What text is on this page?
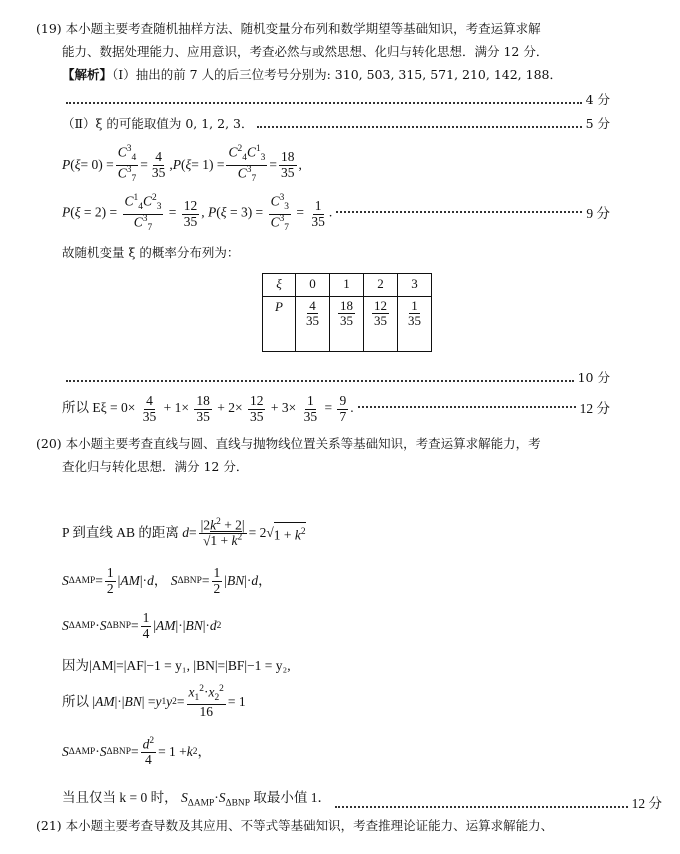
(19) 本小题主要考查随机抽样方法、随机变量分布列和数学期望等基础知识，考查运算求解
能力、数据处理能力、应用意识，考查必然与或然思想、化归与转化思想．满分 12 分．
【解析】（Ⅰ）抽出的前 7 人的后三位考号分别为: 310, 503, 315, 571, 210, 142, 188．
4 分
（Ⅱ）ξ 的可能取值为 0, 1, 2, 3．	5 分
P ( $\xi = 0) = \frac{C^3_4}{C^3_7} = \frac{4}{35}$ , P ( $\xi = 1) = \frac{C^2_4C^1_3}{C^3_7} = \frac{18}{35}$ ,
$P(\xi = 2) = \frac{C^1_4C^2_3}{C^3_7} = \frac{12}{35}$ , $P(\xi = 3) = \frac{C^3_3}{C^3_7} = \frac{1}{35}$ .	9 分
故随机变量 ξ 的概率分布列为：
ξ	0	1	2	3
P	$\frac{4}{35}$	$\frac{18}{35}$	$\frac{12}{35}$	$\frac{1}{35}$
10 分
所以 $E\xi = 0\times \frac{4}{35} + 1\times \frac{18}{35} + 2\times \frac{12}{35} + 3\times \frac{1}{35} = \frac{9}{7}$ .	12 分
(20) 本小题主要考查直线与圆、直线与抛物线位置关系等基础知识，考查运算求解能力，考
查化归与转化思想．满分 12 分．
P 到直线 AB 的距离
$d = \frac{|2k^2 + 2|}{√1 + k^2} = 2√$ $1 + k^2$
S $\Delta AMP = \frac{1}{2}$ | AM |· d ， S $\Delta BNP = \frac{1}{2}$ | BN |· d ，
S ΔAMP · S $\Delta BNP = \frac{1}{4}$ | AM |·| BN |· d 2
因为|AM|=|AF|−1 = y₁, |BN|=|BF|−1 = y₂,
所以 | AM |·| BN | = y 1 y $2 = \frac{x_1^2\cdot x_2^2}{16} = 1$
S ΔAMP · S $\Delta BNP = \frac{d^2}{4} = 1 + k$ 2 ，
当且仅当 k = 0 时， $S_{\Delta AMP}\cdot S_{\Delta BNP}$ 取最小值 1．	12 分
(21) 本小题主要考查导数及其应用、不等式等基础知识，考查推理论证能力、运算求解能力、
